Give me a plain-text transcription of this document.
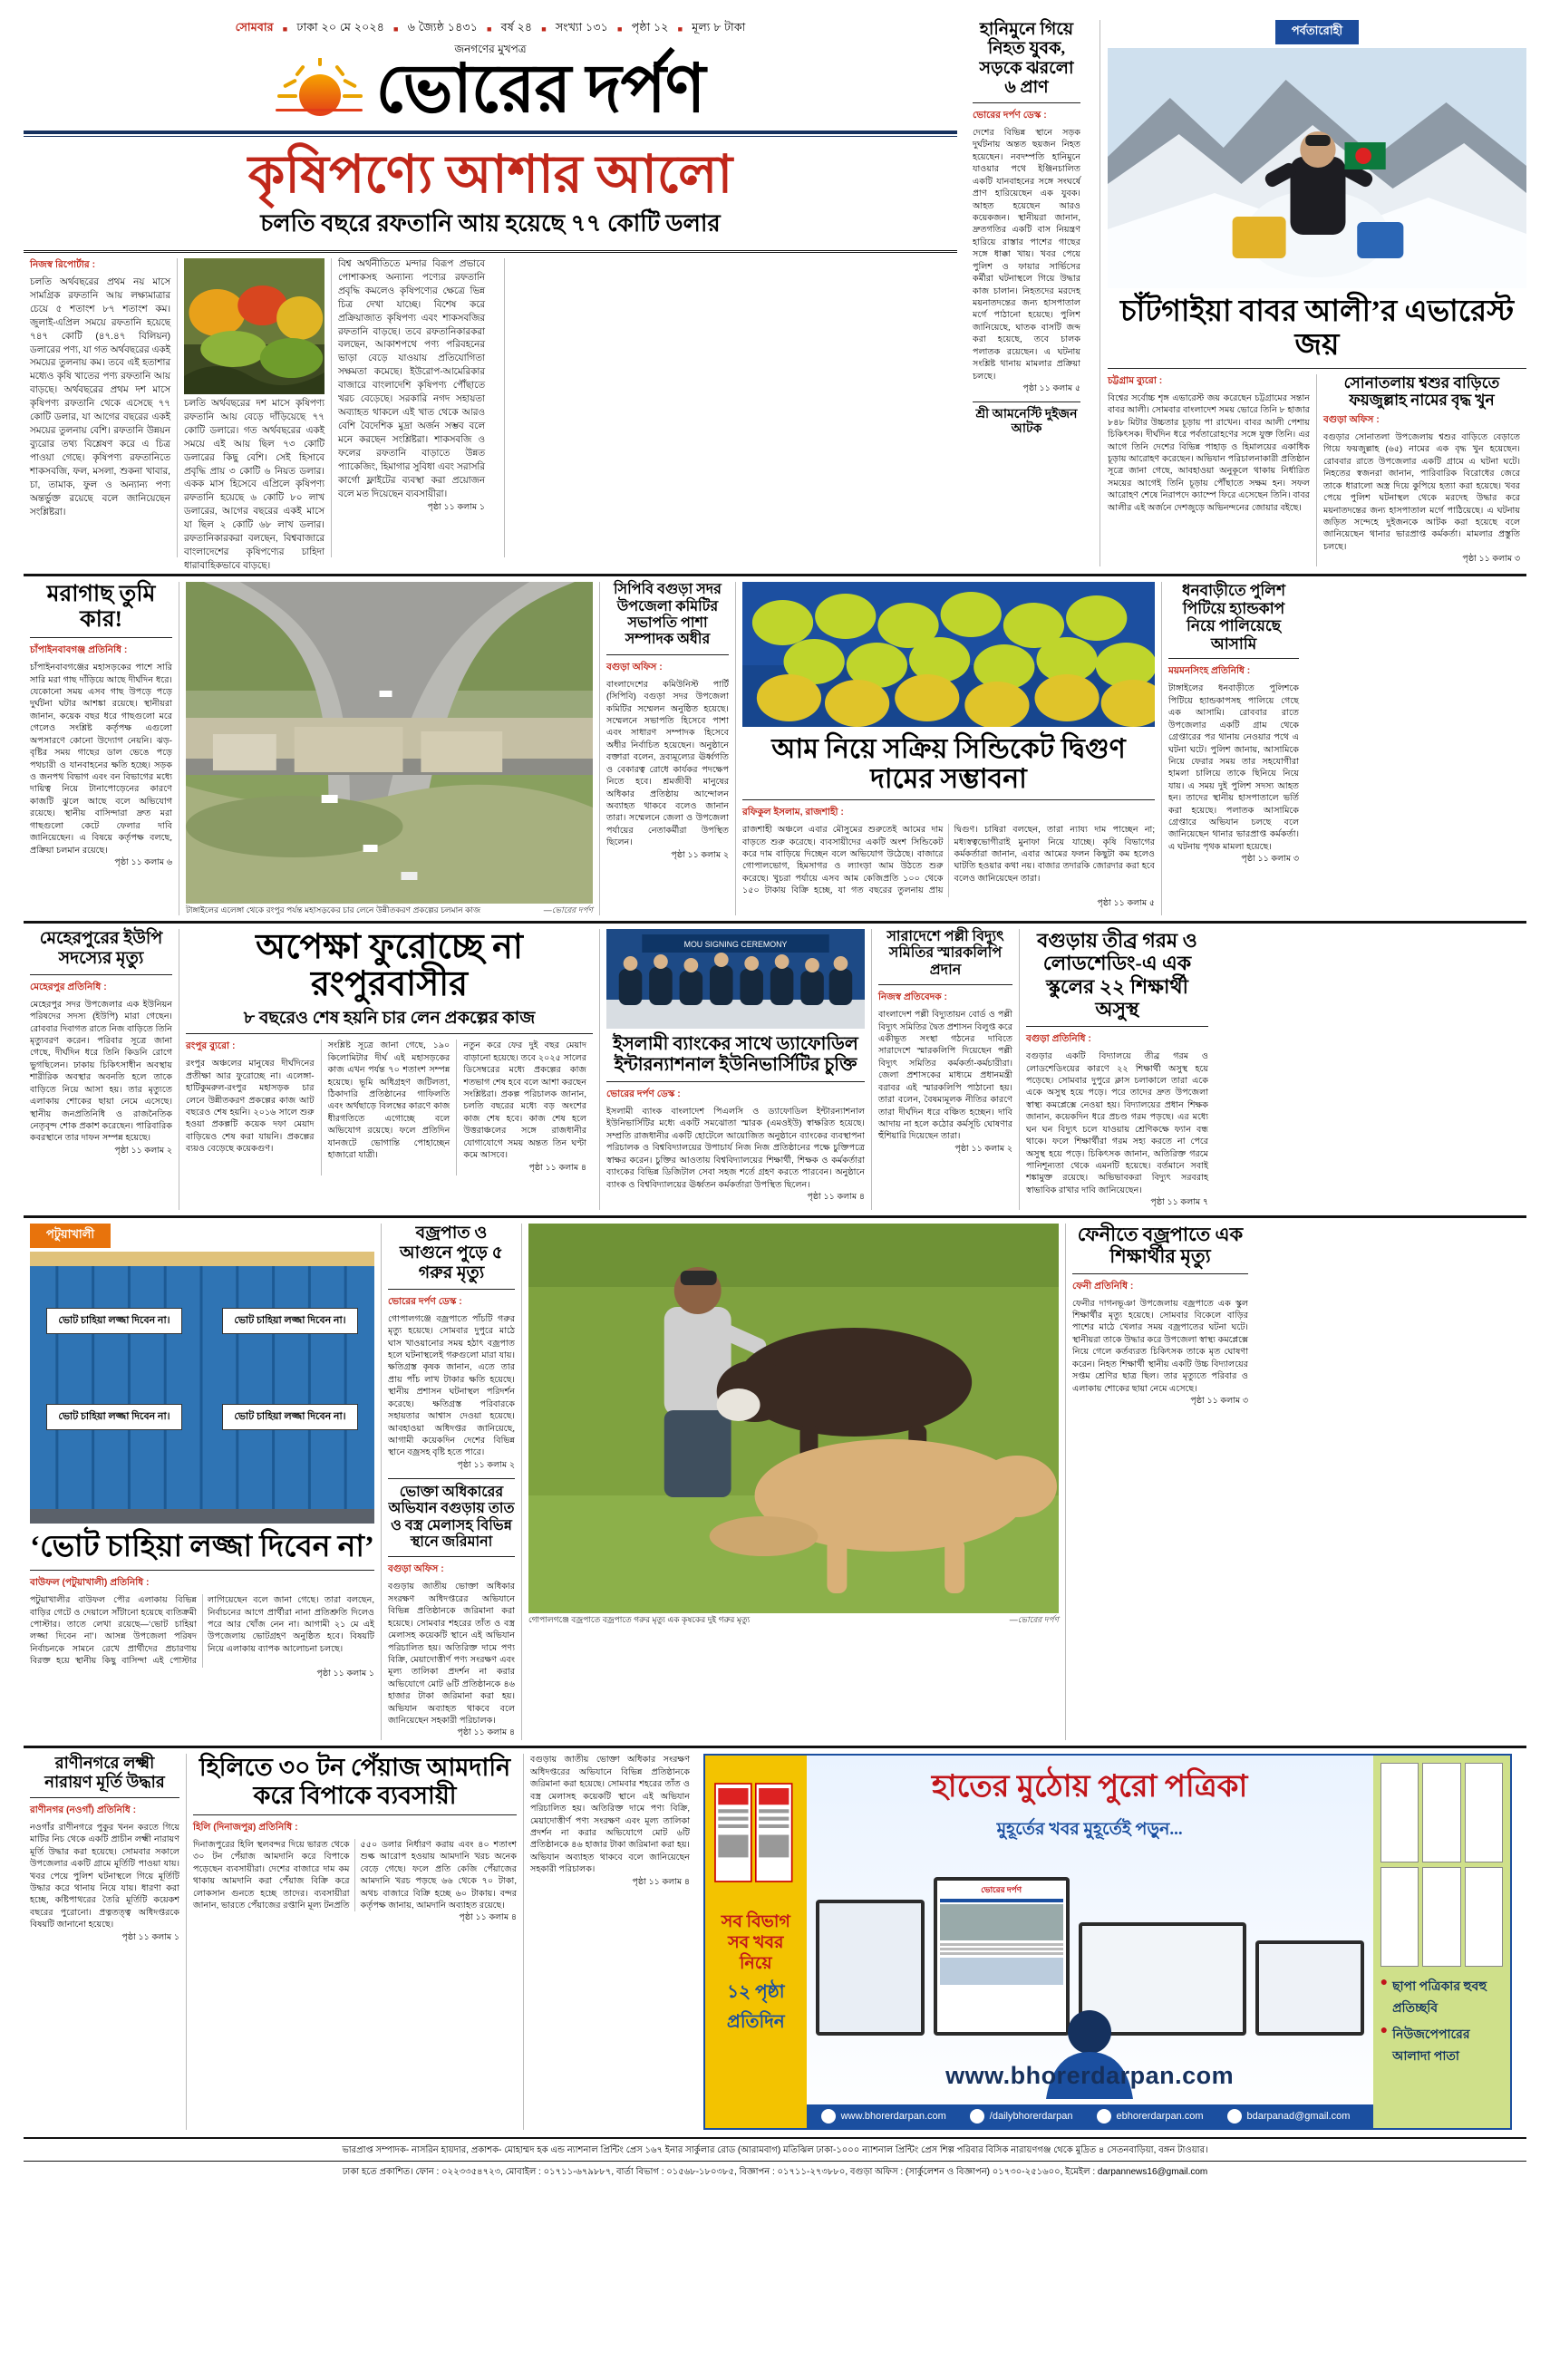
সোমবার ■ ঢাকা ২০ মে ২০২৪ ■ ৬ জ্যৈষ্ঠ ১৪৩১ ■ বর্ষ ২৪ ■ সংখ্যা ১৩১ ■ পৃষ্ঠা ১২ ■ মূল্য ৮ টাকা
জনগণের মুখপত্র
ভোরের দর্পণ
কৃষিপণ্যে আশার আলো
চলতি বছরে রফতানি আয় হয়েছে ৭৭ কোটি ডলার
নিজস্ব রিপোর্টার :
চলতি অর্থবছরের প্রথম নয় মাসে সামগ্রিক রফতানি আয় লক্ষ্যমাত্রার চেয়ে ৫ শতাংশ ৮৭ শতাংশ কম। জুলাই-এপ্রিল সময়ে রফতানি হয়েছে ৭৪৭ কোটি (৪৭.৪৭ বিলিয়ন) ডলারের পণ্য, যা গত অর্থবছরের একই সময়ের তুলনায় কম। তবে এই হতাশার মধ্যেও কৃষি খাতের পণ্য রফতানি আয় বাড়ছে। অর্থবছরের প্রথম দশ মাসে কৃষিপণ্য রফতানি থেকে এসেছে ৭৭ কোটি ডলার, যা আগের বছরের একই সময়ের তুলনায় বেশি। রফতানি উন্নয়ন ব্যুরোর তথ্য বিশ্লেষণ করে এ চিত্র পাওয়া গেছে। কৃষিপণ্য রফতানিতে শাকসবজি, ফল, মসলা, শুকনা খাবার, চা, তামাক, ফুল ও অন্যান্য পণ্য অন্তর্ভুক্ত রয়েছে বলে জানিয়েছেন সংশ্লিষ্টরা।
চলতি অর্থবছরের দশ মাসে কৃষিপণ্য রফতানি আয় বেড়ে দাঁড়িয়েছে ৭৭ কোটি ডলারে। গত অর্থবছরের একই সময়ে এই আয় ছিল ৭৩ কোটি ডলারের কিছু বেশি। সেই হিসাবে প্রবৃদ্ধি প্রায় ৩ কোটি ৬ নিয়ত ডলার। একক মাস হিসেবে এপ্রিলে কৃষিপণ্য রফতানি হয়েছে ৬ কোটি ৮০ লাখ ডলারের, আগের বছরের একই মাসে যা ছিল ২ কোটি ৬৮ লাখ ডলার। রফতানিকারকরা বলছেন, বিশ্ববাজারে বাংলাদেশের কৃষিপণ্যের চাহিদা ধারাবাহিকভাবে বাড়ছে।
বিশ্ব অর্থনীতিতে মন্দার বিরূপ প্রভাবে পোশাকসহ অন্যান্য পণ্যের রফতানি প্রবৃদ্ধি কমলেও কৃষিপণ্যের ক্ষেত্রে ভিন্ন চিত্র দেখা যাচ্ছে। বিশেষ করে প্রক্রিয়াজাত কৃষিপণ্য এবং শাকসবজির রফতানি বাড়ছে। তবে রফতানিকারকরা বলছেন, আকাশপথে পণ্য পরিবহনের ভাড়া বেড়ে যাওয়ায় প্রতিযোগিতা সক্ষমতা কমেছে। ইউরোপ-আমেরিকার বাজারে বাংলাদেশি কৃষিপণ্য পৌঁছাতে খরচ বেড়েছে। সরকারি নগদ সহায়তা অব্যাহত থাকলে এই খাত থেকে আরও বেশি বৈদেশিক মুদ্রা অর্জন সম্ভব বলে মনে করছেন সংশ্লিষ্টরা। শাকসবজি ও ফলের রফতানি বাড়াতে উন্নত প্যাকেজিং, হিমাগার সুবিধা এবং সরাসরি কার্গো ফ্লাইটের ব্যবস্থা করা প্রয়োজন বলে মত দিয়েছেন ব্যবসায়ীরা।
পৃষ্ঠা ১১ কলাম ১
হানিমুনে গিয়ে নিহত যুবক, সড়কে ঝরলো ৬ প্রাণ
ভোরের দর্পণ ডেস্ক :
দেশের বিভিন্ন স্থানে সড়ক দুর্ঘটনায় অন্তত ছয়জন নিহত হয়েছেন। নবদম্পতি হানিমুনে যাওয়ার পথে ইঞ্জিনচালিত একটি যানবাহনের সঙ্গে সংঘর্ষে প্রাণ হারিয়েছেন এক যুবক। আহত হয়েছেন আরও কয়েকজন। স্থানীয়রা জানান, দ্রুতগতির একটি বাস নিয়ন্ত্রণ হারিয়ে রাস্তার পাশের গাছের সঙ্গে ধাক্কা খায়। খবর পেয়ে পুলিশ ও ফায়ার সার্ভিসের কর্মীরা ঘটনাস্থলে গিয়ে উদ্ধার কাজ চালান। নিহতদের মরদেহ ময়নাতদন্তের জন্য হাসপাতাল মর্গে পাঠানো হয়েছে। পুলিশ জানিয়েছে, ঘাতক বাসটি জব্দ করা হয়েছে, তবে চালক পলাতক রয়েছেন। এ ঘটনায় সংশ্লিষ্ট থানায় মামলার প্রক্রিয়া চলছে।
পৃষ্ঠা ১১ কলাম ৫
শ্রী আমনেস্টি দুইজন আটক
পর্বতারোহী
চাঁটগাইয়া বাবর আলী’র এভারেস্ট জয়
চট্টগ্রাম ব্যুরো :
বিশ্বের সর্বোচ্চ শৃঙ্গ এভারেস্ট জয় করেছেন চট্টগ্রামের সন্তান বাবর আলী। সোমবার বাংলাদেশ সময় ভোরে তিনি ৮ হাজার ৮৪৮ মিটার উচ্চতার চূড়ায় পা রাখেন। বাবর আলী পেশায় চিকিৎসক। দীর্ঘদিন ধরে পর্বতারোহণের সঙ্গে যুক্ত তিনি। এর আগে তিনি দেশের বিভিন্ন পাহাড় ও হিমালয়ের একাধিক চূড়ায় আরোহণ করেছেন। অভিযান পরিচালনাকারী প্রতিষ্ঠান সূত্রে জানা গেছে, আবহাওয়া অনুকূলে থাকায় নির্ধারিত সময়ের আগেই তিনি চূড়ায় পৌঁছাতে সক্ষম হন। সফল আরোহণ শেষে নিরাপদে ক্যাম্পে ফিরে এসেছেন তিনি। বাবর আলীর এই অর্জনে দেশজুড়ে অভিনন্দনের জোয়ার বইছে।
সোনাতলায় শ্বশুর বাড়িতে ফয়জুল্লাহ নামের বৃদ্ধ খুন
বগুড়া অফিস :
বগুড়ার সোনাতলা উপজেলায় শ্বশুর বাড়িতে বেড়াতে গিয়ে ফয়জুল্লাহ (৬৫) নামের এক বৃদ্ধ খুন হয়েছেন। রোববার রাতে উপজেলার একটি গ্রামে এ ঘটনা ঘটে। নিহতের স্বজনরা জানান, পারিবারিক বিরোধের জেরে তাকে ধারালো অস্ত্র দিয়ে কুপিয়ে হত্যা করা হয়েছে। খবর পেয়ে পুলিশ ঘটনাস্থল থেকে মরদেহ উদ্ধার করে ময়নাতদন্তের জন্য হাসপাতাল মর্গে পাঠিয়েছে। এ ঘটনায় জড়িত সন্দেহে দুইজনকে আটক করা হয়েছে বলে জানিয়েছেন থানার ভারপ্রাপ্ত কর্মকর্তা। মামলার প্রস্তুতি চলছে।
পৃষ্ঠা ১১ কলাম ৩
মরাগাছ তুমি কার!
চাঁপাইনবাবগঞ্জ প্রতিনিধি :
চাঁপাইনবাবগঞ্জের মহাসড়কের পাশে সারি সারি মরা গাছ দাঁড়িয়ে আছে দীর্ঘদিন ধরে। যেকোনো সময় এসব গাছ উপড়ে পড়ে দুর্ঘটনা ঘটার আশঙ্কা রয়েছে। স্থানীয়রা জানান, কয়েক বছর ধরে গাছগুলো মরে গেলেও সংশ্লিষ্ট কর্তৃপক্ষ এগুলো অপসারণে কোনো উদ্যোগ নেয়নি। ঝড়-বৃষ্টির সময় গাছের ডাল ভেঙে পড়ে পথচারী ও যানবাহনের ক্ষতি হচ্ছে। সড়ক ও জনপথ বিভাগ এবং বন বিভাগের মধ্যে দায়িত্ব নিয়ে টানাপোড়েনের কারণে কাজটি ঝুলে আছে বলে অভিযোগ রয়েছে। স্থানীয় বাসিন্দারা দ্রুত মরা গাছগুলো কেটে ফেলার দাবি জানিয়েছেন। এ বিষয়ে কর্তৃপক্ষ বলছে, প্রক্রিয়া চলমান রয়েছে।
পৃষ্ঠা ১১ কলাম ৬
—ভোরের দর্পণ
টাঙ্গাইলের এলেঙ্গা থেকে রংপুর পর্যন্ত মহাসড়কের চার লেনে উন্নীতকরণ প্রকল্পের চলমান কাজ
সিপিবি বগুড়া সদর উপজেলা কমিটির সভাপতি পাশা সম্পাদক অধীর
বগুড়া অফিস :
বাংলাদেশের কমিউনিস্ট পার্টি (সিপিবি) বগুড়া সদর উপজেলা কমিটির সম্মেলন অনুষ্ঠিত হয়েছে। সম্মেলনে সভাপতি হিসেবে পাশা এবং সাধারণ সম্পাদক হিসেবে অধীর নির্বাচিত হয়েছেন। অনুষ্ঠানে বক্তারা বলেন, দ্রব্যমূল্যের ঊর্ধ্বগতি ও বেকারত্ব রোধে কার্যকর পদক্ষেপ নিতে হবে। শ্রমজীবী মানুষের অধিকার প্রতিষ্ঠায় আন্দোলন অব্যাহত থাকবে বলেও জানান তারা। সম্মেলনে জেলা ও উপজেলা পর্যায়ের নেতাকর্মীরা উপস্থিত ছিলেন।
পৃষ্ঠা ১১ কলাম ২
আম নিয়ে সক্রিয় সিন্ডিকেট দ্বিগুণ দামের সম্ভাবনা
রফিকুল ইসলাম, রাজশাহী :
রাজশাহী অঞ্চলে এবার মৌসুমের শুরুতেই আমের দাম বাড়তে শুরু করেছে। ব্যবসায়ীদের একটি অংশ সিন্ডিকেট করে দাম বাড়িয়ে দিচ্ছেন বলে অভিযোগ উঠেছে। বাজারে গোপালভোগ, হিমসাগর ও ল্যাংড়া আম উঠতে শুরু করেছে। খুচরা পর্যায়ে এসব আম কেজিপ্রতি ১০০ থেকে ১৫০ টাকায় বিক্রি হচ্ছে, যা গত বছরের তুলনায় প্রায় দ্বিগুণ। চাষিরা বলছেন, তারা ন্যায্য দাম পাচ্ছেন না; মধ্যস্বত্বভোগীরাই মুনাফা নিয়ে যাচ্ছে। কৃষি বিভাগের কর্মকর্তারা জানান, এবার আমের ফলন কিছুটা কম হলেও ঘাটতি হওয়ার কথা নয়। বাজার তদারকি জোরদার করা হবে বলেও জানিয়েছেন তারা।
পৃষ্ঠা ১১ কলাম ৫
ধনবাড়ীতে পুলিশ পিটিয়ে হ্যান্ডকাপ নিয়ে পালিয়েছে আসামি
ময়মনসিংহ প্রতিনিধি :
টাঙ্গাইলের ধনবাড়ীতে পুলিশকে পিটিয়ে হ্যান্ডকাপসহ পালিয়ে গেছে এক আসামি। রোববার রাতে উপজেলার একটি গ্রাম থেকে গ্রেপ্তারের পর থানায় নেওয়ার পথে এ ঘটনা ঘটে। পুলিশ জানায়, আসামিকে নিয়ে ফেরার সময় তার সহযোগীরা হামলা চালিয়ে তাকে ছিনিয়ে নিয়ে যায়। এ সময় দুই পুলিশ সদস্য আহত হন। তাদের স্থানীয় হাসপাতালে ভর্তি করা হয়েছে। পলাতক আসামিকে গ্রেপ্তারে অভিযান চলছে বলে জানিয়েছেন থানার ভারপ্রাপ্ত কর্মকর্তা। এ ঘটনায় পৃথক মামলা হয়েছে।
পৃষ্ঠা ১১ কলাম ৩
মেহেরপুরের ইউপি সদস্যের মৃত্যু
মেহেরপুর প্রতিনিধি :
মেহেরপুর সদর উপজেলার এক ইউনিয়ন পরিষদের সদস্য (ইউপি) মারা গেছেন। রোববার দিবাগত রাতে নিজ বাড়িতে তিনি মৃত্যুবরণ করেন। পরিবার সূত্রে জানা গেছে, দীর্ঘদিন ধরে তিনি কিডনি রোগে ভুগছিলেন। ঢাকায় চিকিৎসাধীন অবস্থায় শারীরিক অবস্থার অবনতি হলে তাকে বাড়িতে নিয়ে আসা হয়। তার মৃত্যুতে এলাকায় শোকের ছায়া নেমে এসেছে। স্থানীয় জনপ্রতিনিধি ও রাজনৈতিক নেতৃবৃন্দ শোক প্রকাশ করেছেন। পারিবারিক কবরস্থানে তার দাফন সম্পন্ন হয়েছে।
পৃষ্ঠা ১১ কলাম ২
অপেক্ষা ফুরোচ্ছে না রংপুরবাসীর
৮ বছরেও শেষ হয়নি চার লেন প্রকল্পের কাজ
রংপুর ব্যুরো :
রংপুর অঞ্চলের মানুষের দীর্ঘদিনের প্রতীক্ষা আর ফুরোচ্ছে না। এলেঙ্গা-হাটিকুমরুল-রংপুর মহাসড়ক চার লেনে উন্নীতকরণ প্রকল্পের কাজ আট বছরেও শেষ হয়নি। ২০১৬ সালে শুরু হওয়া প্রকল্পটি কয়েক দফা মেয়াদ বাড়িয়েও শেষ করা যায়নি। প্রকল্পের ব্যয়ও বেড়েছে কয়েকগুণ।
সংশ্লিষ্ট সূত্রে জানা গেছে, ১৯০ কিলোমিটার দীর্ঘ এই মহাসড়কের কাজ এখন পর্যন্ত ৭০ শতাংশ সম্পন্ন হয়েছে। ভূমি অধিগ্রহণ জটিলতা, ঠিকাদারি প্রতিষ্ঠানের গাফিলতি এবং অর্থছাড়ে বিলম্বের কারণে কাজ ধীরগতিতে এগোচ্ছে বলে অভিযোগ রয়েছে। ফলে প্রতিদিন যানজটে ভোগান্তি পোহাচ্ছেন হাজারো যাত্রী।
নতুন করে ফের দুই বছর মেয়াদ বাড়ানো হয়েছে। তবে ২০২৫ সালের ডিসেম্বরের মধ্যে প্রকল্পের কাজ শতভাগ শেষ হবে বলে আশা করছেন সংশ্লিষ্টরা। প্রকল্প পরিচালক জানান, চলতি বছরের মধ্যে বড় অংশের কাজ শেষ হবে। কাজ শেষ হলে উত্তরাঞ্চলের সঙ্গে রাজধানীর যোগাযোগে সময় অন্তত তিন ঘণ্টা কমে আসবে।
পৃষ্ঠা ১১ কলাম ৪
MOU SIGNING CEREMONY
ইসলামী ব্যাংকের সাথে ড্যাফোডিল ইন্টারন্যাশনাল ইউনিভার্সিটির চুক্তি
ভোরের দর্পণ ডেস্ক :
ইসলামী ব্যাংক বাংলাদেশ পিএলসি ও ড্যাফোডিল ইন্টারন্যাশনাল ইউনিভার্সিটির মধ্যে একটি সমঝোতা স্মারক (এমওইউ) স্বাক্ষরিত হয়েছে। সম্প্রতি রাজধানীর একটি হোটেলে আয়োজিত অনুষ্ঠানে ব্যাংকের ব্যবস্থাপনা পরিচালক ও বিশ্ববিদ্যালয়ের উপাচার্য নিজ নিজ প্রতিষ্ঠানের পক্ষে চুক্তিপত্রে স্বাক্ষর করেন। চুক্তির আওতায় বিশ্ববিদ্যালয়ের শিক্ষার্থী, শিক্ষক ও কর্মকর্তারা ব্যাংকের বিভিন্ন ডিজিটাল সেবা সহজ শর্তে গ্রহণ করতে পারবেন। অনুষ্ঠানে ব্যাংক ও বিশ্ববিদ্যালয়ের ঊর্ধ্বতন কর্মকর্তারা উপস্থিত ছিলেন।
পৃষ্ঠা ১১ কলাম ৪
সারাদেশে পল্লী বিদ্যুৎ সমিতির স্মারকলিপি প্রদান
নিজস্ব প্রতিবেদক :
বাংলাদেশ পল্লী বিদ্যুতায়ন বোর্ড ও পল্লী বিদ্যুৎ সমিতির দ্বৈত প্রশাসন বিলুপ্ত করে একীভূত সংস্থা গঠনের দাবিতে সারাদেশে স্মারকলিপি দিয়েছেন পল্লী বিদ্যুৎ সমিতির কর্মকর্তা-কর্মচারীরা। জেলা প্রশাসকের মাধ্যমে প্রধানমন্ত্রী বরাবর এই স্মারকলিপি পাঠানো হয়। তারা বলেন, বৈষম্যমূলক নীতির কারণে তারা দীর্ঘদিন ধরে বঞ্চিত হচ্ছেন। দাবি আদায় না হলে কঠোর কর্মসূচি ঘোষণার হুঁশিয়ারি দিয়েছেন তারা।
পৃষ্ঠা ১১ কলাম ২
বগুড়ায় তীব্র গরম ও লোডশেডিং-এ এক স্কুলের ২২ শিক্ষার্থী অসুস্থ
বগুড়া প্রতিনিধি :
বগুড়ার একটি বিদ্যালয়ে তীব্র গরম ও লোডশেডিংয়ের কারণে ২২ শিক্ষার্থী অসুস্থ হয়ে পড়েছে। সোমবার দুপুরে ক্লাস চলাকালে তারা একে একে অসুস্থ হয়ে পড়ে। পরে তাদের দ্রুত উপজেলা স্বাস্থ্য কমপ্লেক্সে নেওয়া হয়। বিদ্যালয়ের প্রধান শিক্ষক জানান, কয়েকদিন ধরে প্রচণ্ড গরম পড়ছে। এর মধ্যে ঘন ঘন বিদ্যুৎ চলে যাওয়ায় শ্রেণিকক্ষে ফ্যান বন্ধ থাকে। ফলে শিক্ষার্থীরা গরম সহ্য করতে না পেরে অসুস্থ হয়ে পড়ে। চিকিৎসক জানান, অতিরিক্ত গরমে পানিশূন্যতা থেকে এমনটি হয়েছে। বর্তমানে সবাই শঙ্কামুক্ত রয়েছে। অভিভাবকরা বিদ্যুৎ সরবরাহ স্বাভাবিক রাখার দাবি জানিয়েছেন।
পৃষ্ঠা ১১ কলাম ৭
পটুয়াখালী
ভোট চাহিয়া লজ্জা দিবেন না।	ভোট চাহিয়া লজ্জা দিবেন না।
ভোট চাহিয়া লজ্জা দিবেন না।	ভোট চাহিয়া লজ্জা দিবেন না।
‘ভোট চাহিয়া লজ্জা দিবেন না’
বাউফল (পটুয়াখালী) প্রতিনিধি :
পটুয়াখালীর বাউফল পৌর এলাকায় বিভিন্ন বাড়ির গেটে ও দেয়ালে সাঁটানো হয়েছে ব্যতিক্রমী পোস্টার। তাতে লেখা রয়েছে—‘ভোট চাহিয়া লজ্জা দিবেন না’। আসন্ন উপজেলা পরিষদ নির্বাচনকে সামনে রেখে প্রার্থীদের প্রচারণায় বিরক্ত হয়ে স্থানীয় কিছু বাসিন্দা এই পোস্টার লাগিয়েছেন বলে জানা গেছে। তারা বলছেন, নির্বাচনের আগে প্রার্থীরা নানা প্রতিশ্রুতি দিলেও পরে আর খোঁজ নেন না। আগামী ২১ মে এই উপজেলায় ভোটগ্রহণ অনুষ্ঠিত হবে। বিষয়টি নিয়ে এলাকায় ব্যাপক আলোচনা চলছে।
পৃষ্ঠা ১১ কলাম ১
বজ্রপাত ও আগুনে পুড়ে ৫ গরুর মৃত্যু
ভোরের দর্পণ ডেস্ক :
গোপালগঞ্জে বজ্রপাতে পাঁচটি গরুর মৃত্যু হয়েছে। সোমবার দুপুরে মাঠে ঘাস খাওয়ানোর সময় হঠাৎ বজ্রপাত হলে ঘটনাস্থলেই গরুগুলো মারা যায়। ক্ষতিগ্রস্ত কৃষক জানান, এতে তার প্রায় পাঁচ লাখ টাকার ক্ষতি হয়েছে। স্থানীয় প্রশাসন ঘটনাস্থল পরিদর্শন করেছে। ক্ষতিগ্রস্ত পরিবারকে সহায়তার আশ্বাস দেওয়া হয়েছে। আবহাওয়া অধিদপ্তর জানিয়েছে, আগামী কয়েকদিন দেশের বিভিন্ন স্থানে বজ্রসহ বৃষ্টি হতে পারে।
পৃষ্ঠা ১১ কলাম ২
ভোক্তা অধিকারের অভিযান বগুড়ায় তাত ও বস্ত্র মেলাসহ বিভিন্ন স্থানে জরিমানা
বগুড়া অফিস :
বগুড়ায় জাতীয় ভোক্তা অধিকার সংরক্ষণ অধিদপ্তরের অভিযানে বিভিন্ন প্রতিষ্ঠানকে জরিমানা করা হয়েছে। সোমবার শহরের তাঁত ও বস্ত্র মেলাসহ কয়েকটি স্থানে এই অভিযান পরিচালিত হয়। অতিরিক্ত দামে পণ্য বিক্রি, মেয়াদোত্তীর্ণ পণ্য সংরক্ষণ এবং মূল্য তালিকা প্রদর্শন না করার অভিযোগে মোট ৬টি প্রতিষ্ঠানকে ৪৬ হাজার টাকা জরিমানা করা হয়। অভিযান অব্যাহত থাকবে বলে জানিয়েছেন সহকারী পরিচালক।
পৃষ্ঠা ১১ কলাম ৪
—ভোরের দর্পণ
গোপালগঞ্জে বজ্রপাতে বজ্রপাতে গরুর মৃত্যু এক কৃষকের দুই গরুর মৃত্যু
ফেনীতে বজ্রপাতে এক শিক্ষার্থীর মৃত্যু
ফেনী প্রতিনিধি :
ফেনীর দাগনভূঞা উপজেলায় বজ্রপাতে এক স্কুল শিক্ষার্থীর মৃত্যু হয়েছে। সোমবার বিকেলে বাড়ির পাশের মাঠে খেলার সময় বজ্রপাতের ঘটনা ঘটে। স্থানীয়রা তাকে উদ্ধার করে উপজেলা স্বাস্থ্য কমপ্লেক্সে নিয়ে গেলে কর্তব্যরত চিকিৎসক তাকে মৃত ঘোষণা করেন। নিহত শিক্ষার্থী স্থানীয় একটি উচ্চ বিদ্যালয়ের সপ্তম শ্রেণির ছাত্র ছিল। তার মৃত্যুতে পরিবার ও এলাকায় শোকের ছায়া নেমে এসেছে।
পৃষ্ঠা ১১ কলাম ৩
রাণীনগরে লক্ষ্মী নারায়ণ মূর্তি উদ্ধার
রাণীনগর (নওগাঁ) প্রতিনিধি :
নওগাঁর রাণীনগরে পুকুর খনন করতে গিয়ে মাটির নিচ থেকে একটি প্রাচীন লক্ষ্মী নারায়ণ মূর্তি উদ্ধার করা হয়েছে। সোমবার সকালে উপজেলার একটি গ্রামে মূর্তিটি পাওয়া যায়। খবর পেয়ে পুলিশ ঘটনাস্থলে গিয়ে মূর্তিটি উদ্ধার করে থানায় নিয়ে যায়। ধারণা করা হচ্ছে, কষ্টিপাথরের তৈরি মূর্তিটি কয়েকশ বছরের পুরোনো। প্রত্নতত্ত্ব অধিদপ্তরকে বিষয়টি জানানো হয়েছে।
পৃষ্ঠা ১১ কলাম ১
হিলিতে ৩০ টন পেঁয়াজ আমদানি করে বিপাকে ব্যবসায়ী
হিলি (দিনাজপুর) প্রতিনিধি :
দিনাজপুরের হিলি স্থলবন্দর দিয়ে ভারত থেকে ৩০ টন পেঁয়াজ আমদানি করে বিপাকে পড়েছেন ব্যবসায়ীরা। দেশের বাজারে দাম কম থাকায় আমদানি করা পেঁয়াজ বিক্রি করে লোকসান গুনতে হচ্ছে তাদের। ব্যবসায়ীরা জানান, ভারতে পেঁয়াজের রপ্তানি মূল্য টনপ্রতি ৫৫০ ডলার নির্ধারণ করায় এবং ৪০ শতাংশ শুল্ক আরোপ হওয়ায় আমদানি খরচ অনেক বেড়ে গেছে। ফলে প্রতি কেজি পেঁয়াজের আমদানি খরচ পড়ছে ৬৬ থেকে ৭০ টাকা, অথচ বাজারে বিক্রি হচ্ছে ৬০ টাকায়। বন্দর কর্তৃপক্ষ জানায়, আমদানি অব্যাহত রয়েছে।
পৃষ্ঠা ১১ কলাম ৪
বগুড়ায় জাতীয় ভোক্তা অধিকার সংরক্ষণ অধিদপ্তরের অভিযানে বিভিন্ন প্রতিষ্ঠানকে জরিমানা করা হয়েছে। সোমবার শহরের তাঁত ও বস্ত্র মেলাসহ কয়েকটি স্থানে এই অভিযান পরিচালিত হয়। অতিরিক্ত দামে পণ্য বিক্রি, মেয়াদোত্তীর্ণ পণ্য সংরক্ষণ এবং মূল্য তালিকা প্রদর্শন না করার অভিযোগে মোট ৬টি প্রতিষ্ঠানকে ৪৬ হাজার টাকা জরিমানা করা হয়। অভিযান অব্যাহত থাকবে বলে জানিয়েছেন সহকারী পরিচালক।
পৃষ্ঠা ১১ কলাম ৪
সব বিভাগ সব খবর নিয়ে
১২ পৃষ্ঠা প্রতিদিন
হাতের মুঠোয় পুরো পত্রিকা
মুহূর্তের খবর মুহূর্তেই পড়ুন...
ভোরের দর্পণ
www.bhorerdarpan.com
www.bhorerdarpan.com	/dailybhorerdarpan	ebhorerdarpan.com	bdarpanad@gmail.com
● ছাপা পত্রিকার হুবহু প্রতিচ্ছবি
● নিউজপেপারের আলাদা পাতা
ভারপ্রাপ্ত সম্পাদক- নাসরিন হায়দার, প্রকাশক- মোহাম্মদ হক এন্ড ন্যাশনাল প্রিন্টিং প্রেস ১৬৭ ইনার সার্কুলার রোড (আরামবাগ) মতিঝিল ঢাকা-১০০০ ন্যাশনাল প্রিন্টিং প্রেস শিল্প পরিবার বিসিক নারায়ণগঞ্জ থেকে মুদ্রিত ৪ সেতনবাড়িয়া, বঙ্গন টাওয়ার।
ঢাকা হতে প্রকাশিত। ফোন : ০২২৩৩৫৪৭২৩, মোবাইল : ০১৭১১-৬৭৯৮৮৭, বার্তা বিভাগ : ০১৫৬৮-১৮০৩৮৫, বিজ্ঞাপন : ০১৭১১-২৭৩৮৮০, বগুড়া অফিস : (সার্কুলেশন ও বিজ্ঞাপন) ০১৭৩০-২৫১৬০০, ইমেইল : darpannews16@gmail.com
